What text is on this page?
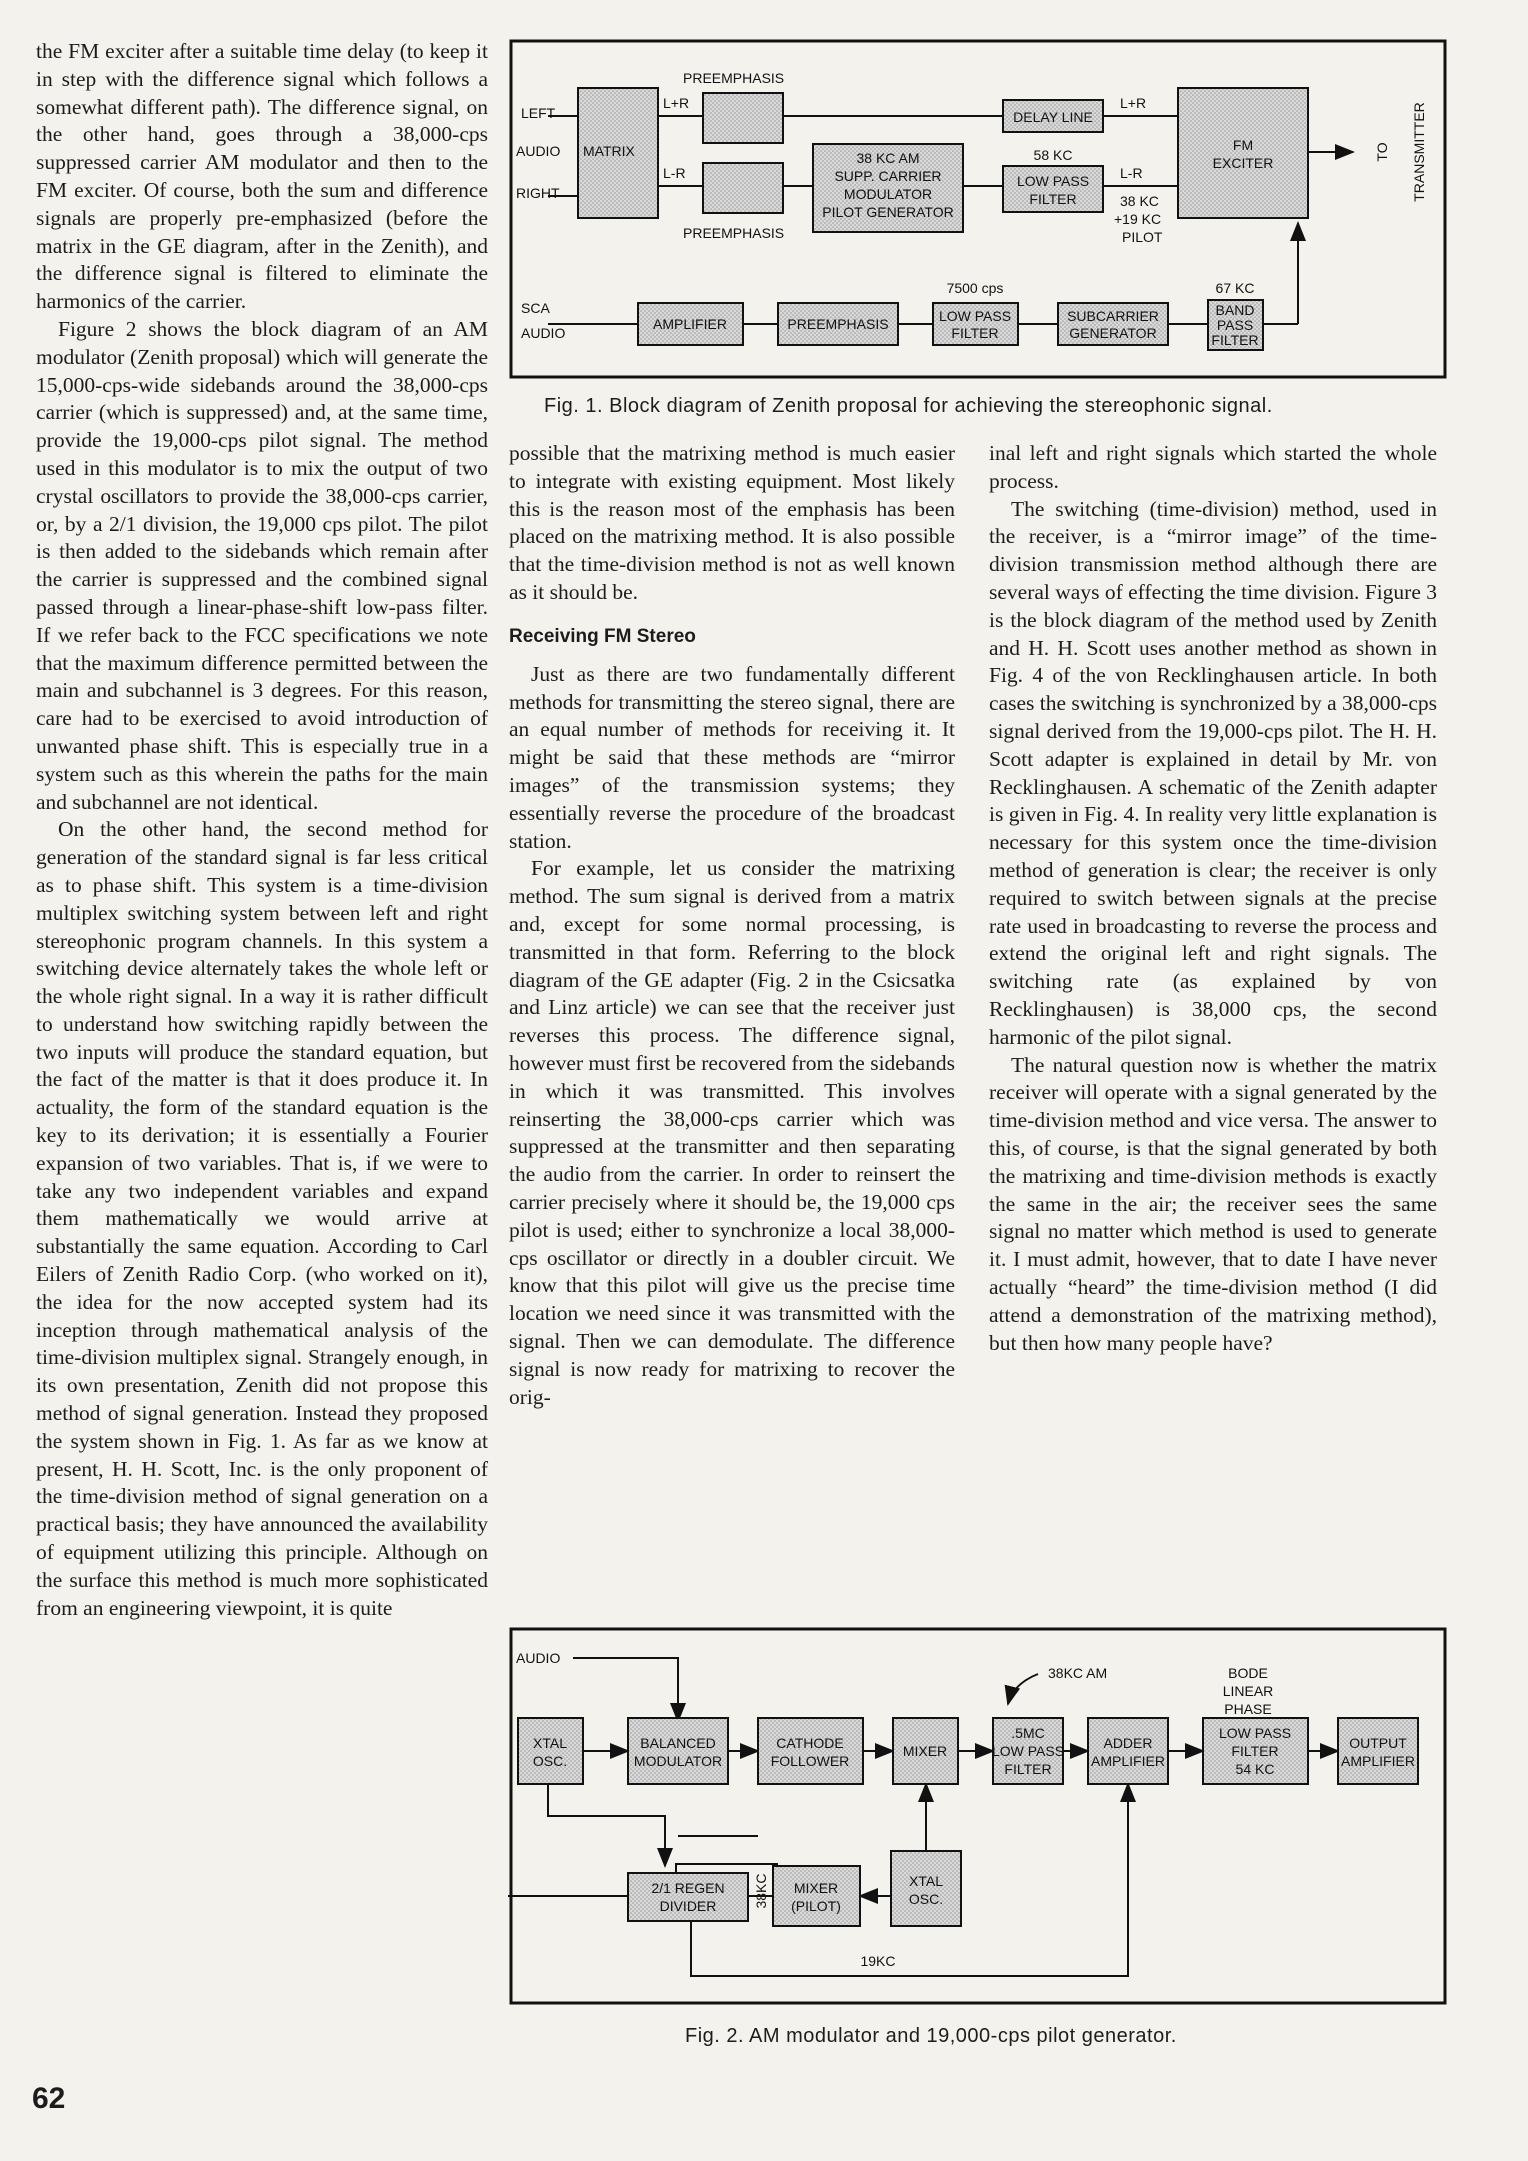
the FM exciter after a suitable time delay (to keep it in step with the difference signal which follows a somewhat different path). The difference signal, on the other hand, goes through a 38,000-cps suppressed carrier AM modulator and then to the FM exciter. Of course, both the sum and difference signals are properly pre-emphasized (before the matrix in the GE diagram, after in the Zenith), and the difference signal is filtered to eliminate the harmonics of the carrier.

Figure 2 shows the block diagram of an AM modulator (Zenith proposal) which will generate the 15,000-cps-wide sidebands around the 38,000-cps carrier (which is suppressed) and, at the same time, provide the 19,000-cps pilot signal. The method used in this modulator is to mix the output of two crystal oscillators to provide the 38,000-cps carrier, or, by a 2/1 division, the 19,000 cps pilot. The pilot is then added to the sidebands which remain after the carrier is suppressed and the combined signal passed through a linear-phase-shift low-pass filter. If we refer back to the FCC specifications we note that the maximum difference permitted between the main and subchannel is 3 degrees. For this reason, care had to be exercised to avoid introduction of unwanted phase shift. This is especially true in a system such as this wherein the paths for the main and subchannel are not identical.

On the other hand, the second method for generation of the standard signal is far less critical as to phase shift. This system is a time-division multiplex switching system between left and right stereophonic program channels. In this system a switching device alternately takes the whole left or the whole right signal. In a way it is rather difficult to understand how switching rapidly between the two inputs will produce the standard equation, but the fact of the matter is that it does produce it. In actuality, the form of the standard equation is the key to its derivation; it is essentially a Fourier expansion of two variables. That is, if we were to take any two independent variables and expand them mathematically we would arrive at substantially the same equation. According to Carl Eilers of Zenith Radio Corp. (who worked on it), the idea for the now accepted system had its inception through mathematical analysis of the time-division multiplex signal. Strangely enough, in its own presentation, Zenith did not propose this method of signal generation. Instead they proposed the system shown in Fig. 1. As far as we know at present, H. H. Scott, Inc. is the only proponent of the time-division method of signal generation on a practical basis; they have announced the availability of equipment utilizing this principle. Although on the surface this method is much more sophisticated from an engineering viewpoint, it is quite

LEFT
AUDIO
RIGHT
MATRIX
PREEMPHASIS
PREEMPHASIS
L+R
L-R
38 KC AM
SUPP. CARRIER
MODULATOR
PILOT GENERATOR
DELAY LINE
58 KC
LOW PASS
FILTER
L+R
L-R
38 KC
+19 KC
PILOT
FM
EXCITER
TO TRANSMITTER
SCA
AUDIO
AMPLIFIER	PREEMPHASIS
7500 cps
LOW PASS
FILTER
SUBCARRIER
GENERATOR
67 KC
BAND
PASS
FILTER
Fig. 1. Block diagram of Zenith proposal for achieving the stereophonic signal.

possible that the matrixing method is much easier to integrate with existing equipment. Most likely this is the reason most of the emphasis has been placed on the matrixing method. It is also possible that the time-division method is not as well known as it should be.

Receiving FM Stereo

Just as there are two fundamentally different methods for transmitting the stereo signal, there are an equal number of methods for receiving it. It might be said that these methods are “mirror images” of the transmission systems; they essentially reverse the procedure of the broadcast station.

For example, let us consider the matrixing method. The sum signal is derived from a matrix and, except for some normal processing, is transmitted in that form. Referring to the block diagram of the GE adapter (Fig. 2 in the Csicsatka and Linz article) we can see that the receiver just reverses this process. The difference signal, however must first be recovered from the sidebands in which it was transmitted. This involves reinserting the 38,000-cps carrier which was suppressed at the transmitter and then separating the audio from the carrier. In order to reinsert the carrier precisely where it should be, the 19,000 cps pilot is used; either to synchronize a local 38,000-cps oscillator or directly in a doubler circuit. We know that this pilot will give us the precise time location we need since it was transmitted with the signal. Then we can demodulate. The difference signal is now ready for matrixing to recover the orig-

inal left and right signals which started the whole process.

The switching (time-division) method, used in the receiver, is a “mirror image” of the time-division transmission method although there are several ways of effecting the time division. Figure 3 is the block diagram of the method used by Zenith and H. H. Scott uses another method as shown in Fig. 4 of the von Recklinghausen article. In both cases the switching is synchronized by a 38,000-cps signal derived from the 19,000-cps pilot. The H. H. Scott adapter is explained in detail by Mr. von Recklinghausen. A schematic of the Zenith adapter is given in Fig. 4. In reality very little explanation is necessary for this system once the time-division method of generation is clear; the receiver is only required to switch between signals at the precise rate used in broadcasting to reverse the process and extend the original left and right signals. The switching rate (as explained by von Recklinghausen) is 38,000 cps, the second harmonic of the pilot signal.

The natural question now is whether the matrix receiver will operate with a signal generated by the time-division method and vice versa. The answer to this, of course, is that the signal generated by both the matrixing and time-division methods is exactly the same in the air; the receiver sees the same signal no matter which method is used to generate it. I must admit, however, that to date I have never actually “heard” the time-division method (I did attend a demonstration of the matrixing method), but then how many people have?

AUDIO
38KC AM	BODE
LINEAR
PHASE
XTAL
OSC.
BALANCED
MODULATOR
CATHODE
FOLLOWER
MIXER
.5MC
LOW PASS
FILTER
ADDER
AMPLIFIER
LOW PASS
FILTER
54 KC
OUTPUT
AMPLIFIER
2/1 REGEN
DIVIDER	38KC MIXER
(PILOT)
XTAL
OSC.
19KC
Fig. 2. AM modulator and 19,000-cps pilot generator.
62
